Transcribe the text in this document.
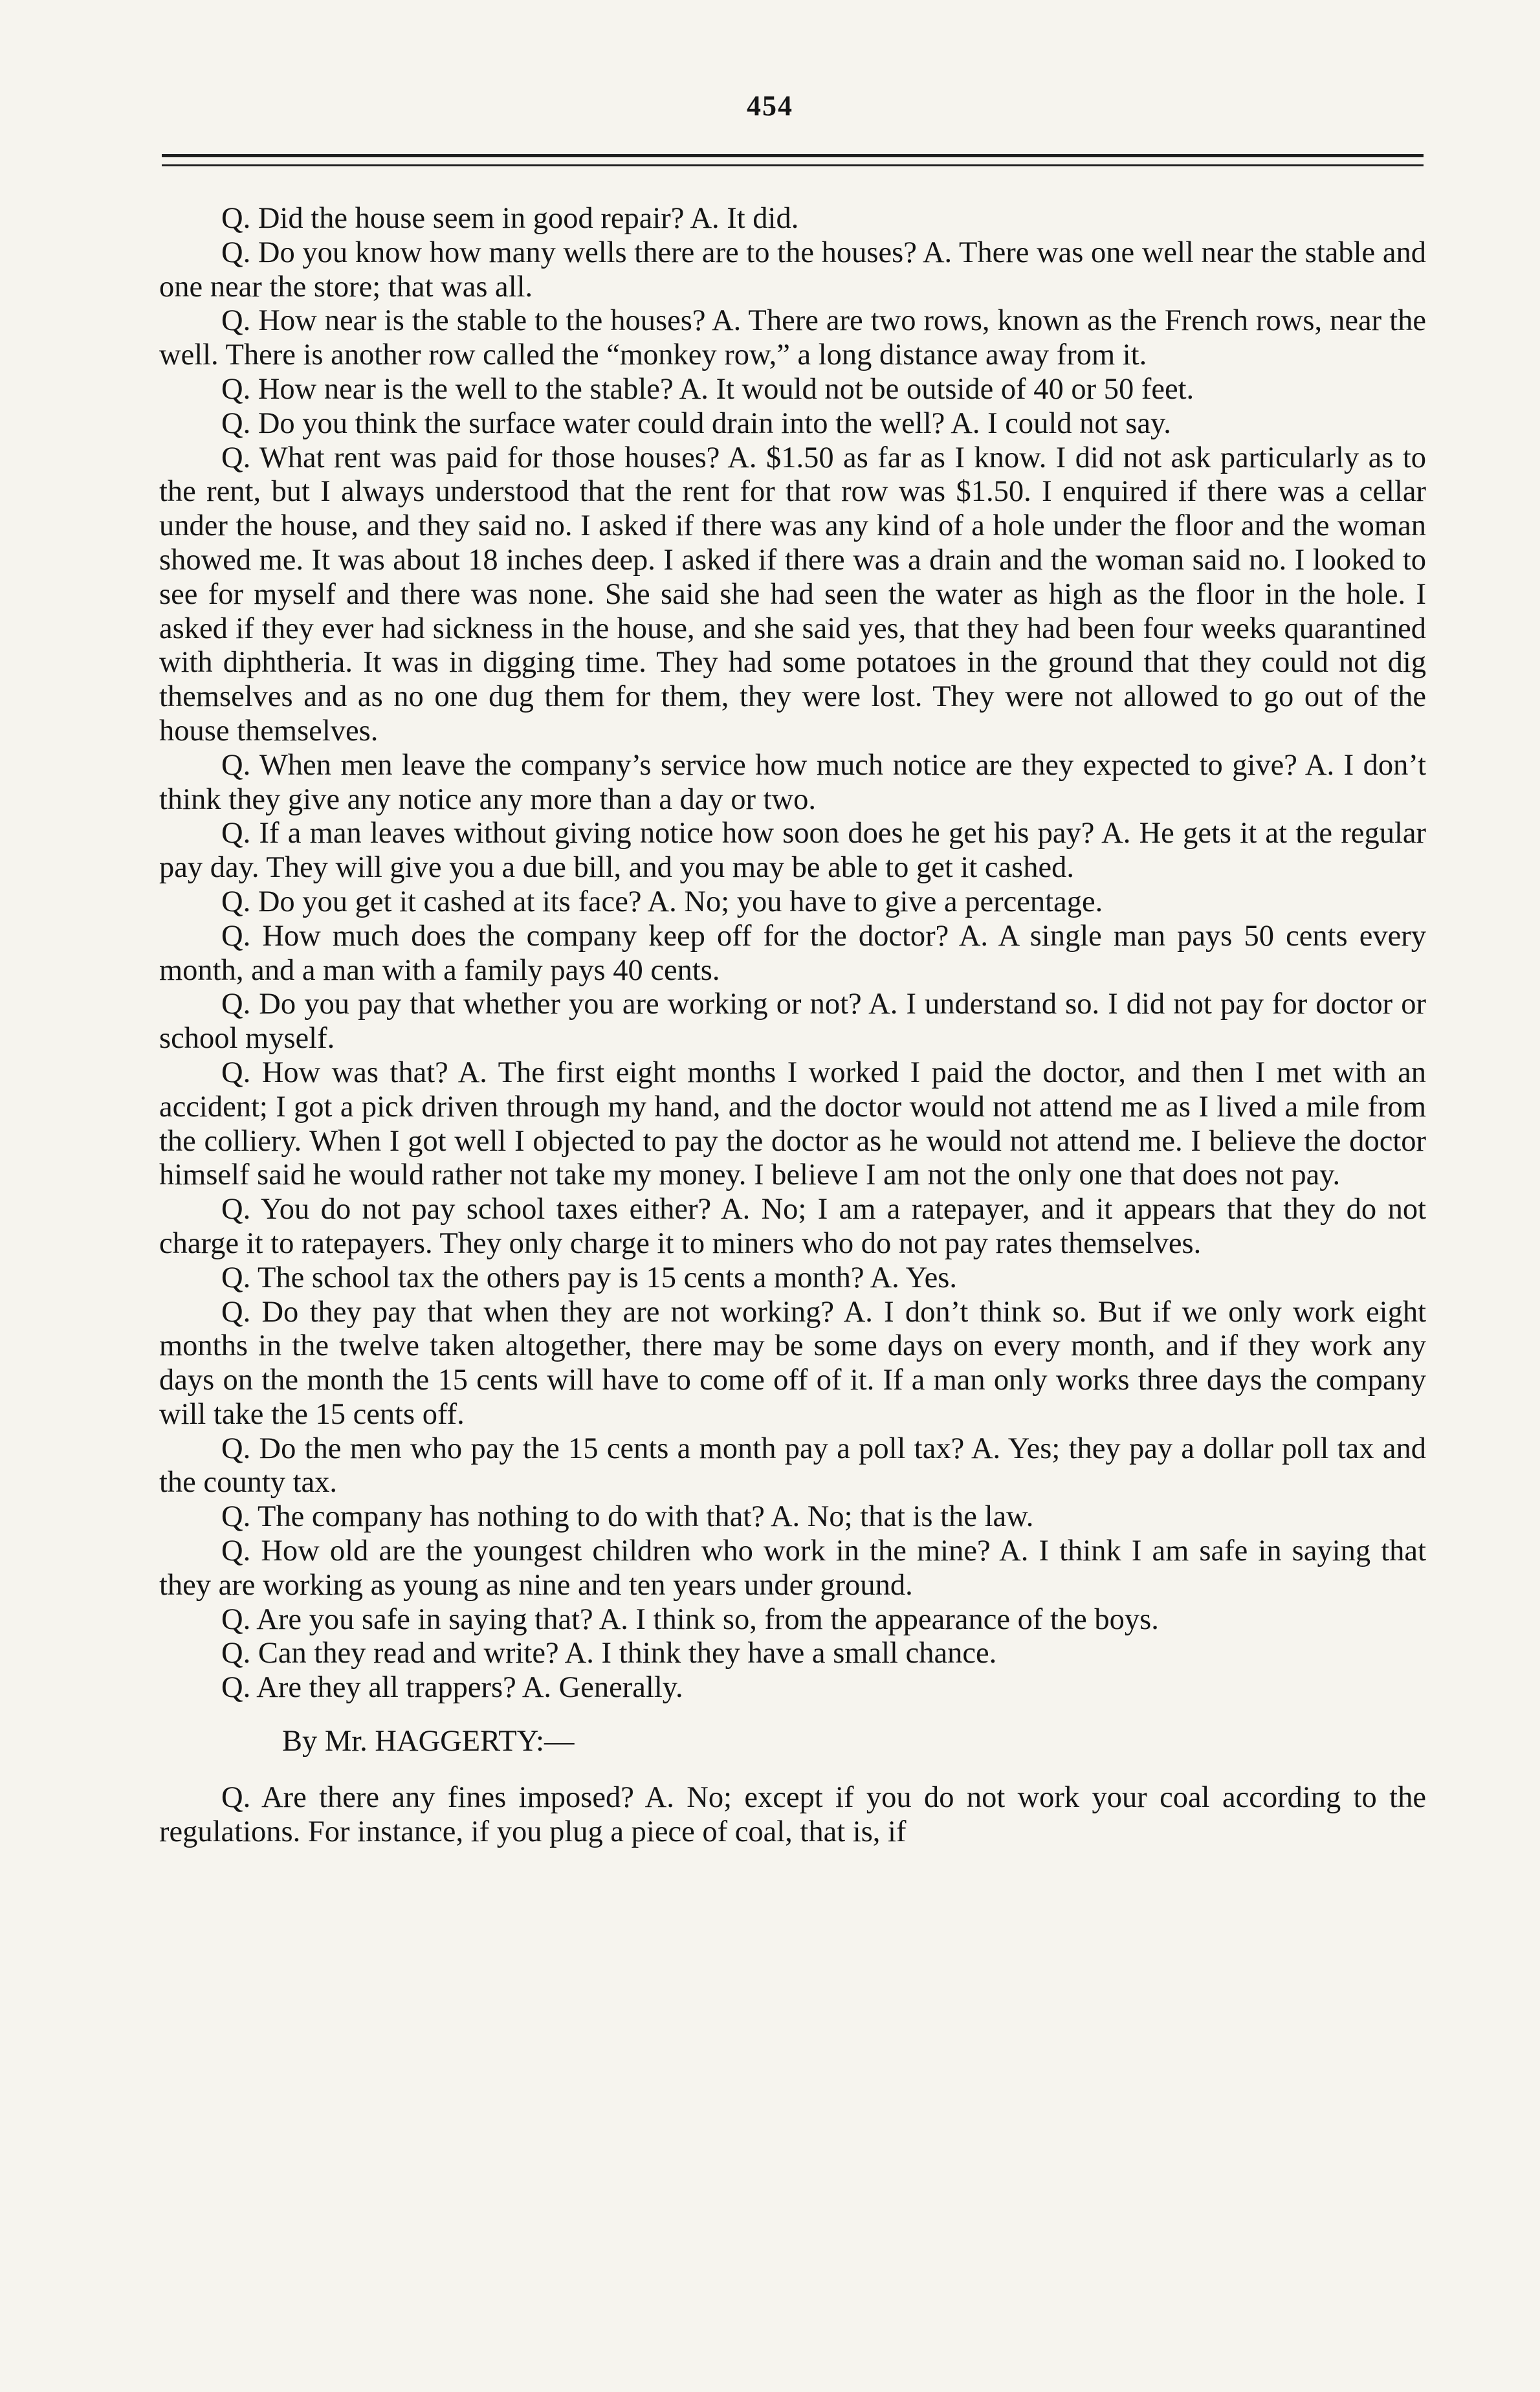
454

Q. Did the house seem in good repair? A. It did.

Q. Do you know how many wells there are to the houses? A. There was one well near the stable and one near the store; that was all.

Q. How near is the stable to the houses? A. There are two rows, known as the French rows, near the well. There is another row called the “monkey row,” a long distance away from it.

Q. How near is the well to the stable? A. It would not be outside of 40 or 50 feet.

Q. Do you think the surface water could drain into the well? A. I could not say.

Q. What rent was paid for those houses? A. $1.50 as far as I know. I did not ask particularly as to the rent, but I always understood that the rent for that row was $1.50. I enquired if there was a cellar under the house, and they said no. I asked if there was any kind of a hole under the floor and the woman showed me. It was about 18 inches deep. I asked if there was a drain and the woman said no. I looked to see for myself and there was none. She said she had seen the water as high as the floor in the hole. I asked if they ever had sickness in the house, and she said yes, that they had been four weeks quarantined with diphtheria. It was in digging time. They had some potatoes in the ground that they could not dig themselves and as no one dug them for them, they were lost. They were not allowed to go out of the house themselves.

Q. When men leave the company’s service how much notice are they expected to give? A. I don’t think they give any notice any more than a day or two.

Q. If a man leaves without giving notice how soon does he get his pay? A. He gets it at the regular pay day. They will give you a due bill, and you may be able to get it cashed.

Q. Do you get it cashed at its face? A. No; you have to give a percentage.

Q. How much does the company keep off for the doctor? A. A single man pays 50 cents every month, and a man with a family pays 40 cents.

Q. Do you pay that whether you are working or not? A. I understand so. I did not pay for doctor or school myself.

Q. How was that? A. The first eight months I worked I paid the doctor, and then I met with an accident; I got a pick driven through my hand, and the doctor would not attend me as I lived a mile from the colliery. When I got well I objected to pay the doctor as he would not attend me. I believe the doctor himself said he would rather not take my money. I believe I am not the only one that does not pay.

Q. You do not pay school taxes either? A. No; I am a ratepayer, and it appears that they do not charge it to ratepayers. They only charge it to miners who do not pay rates themselves.

Q. The school tax the others pay is 15 cents a month? A. Yes.

Q. Do they pay that when they are not working? A. I don’t think so. But if we only work eight months in the twelve taken altogether, there may be some days on every month, and if they work any days on the month the 15 cents will have to come off of it. If a man only works three days the company will take the 15 cents off.

Q. Do the men who pay the 15 cents a month pay a poll tax? A. Yes; they pay a dollar poll tax and the county tax.

Q. The company has nothing to do with that? A. No; that is the law.

Q. How old are the youngest children who work in the mine? A. I think I am safe in saying that they are working as young as nine and ten years under ground.

Q. Are you safe in saying that? A. I think so, from the appearance of the boys.

Q. Can they read and write? A. I think they have a small chance.

Q. Are they all trappers? A. Generally.

By Mr. HAGGERTY:—

Q. Are there any fines imposed? A. No; except if you do not work your coal according to the regulations. For instance, if you plug a piece of coal, that is, if
